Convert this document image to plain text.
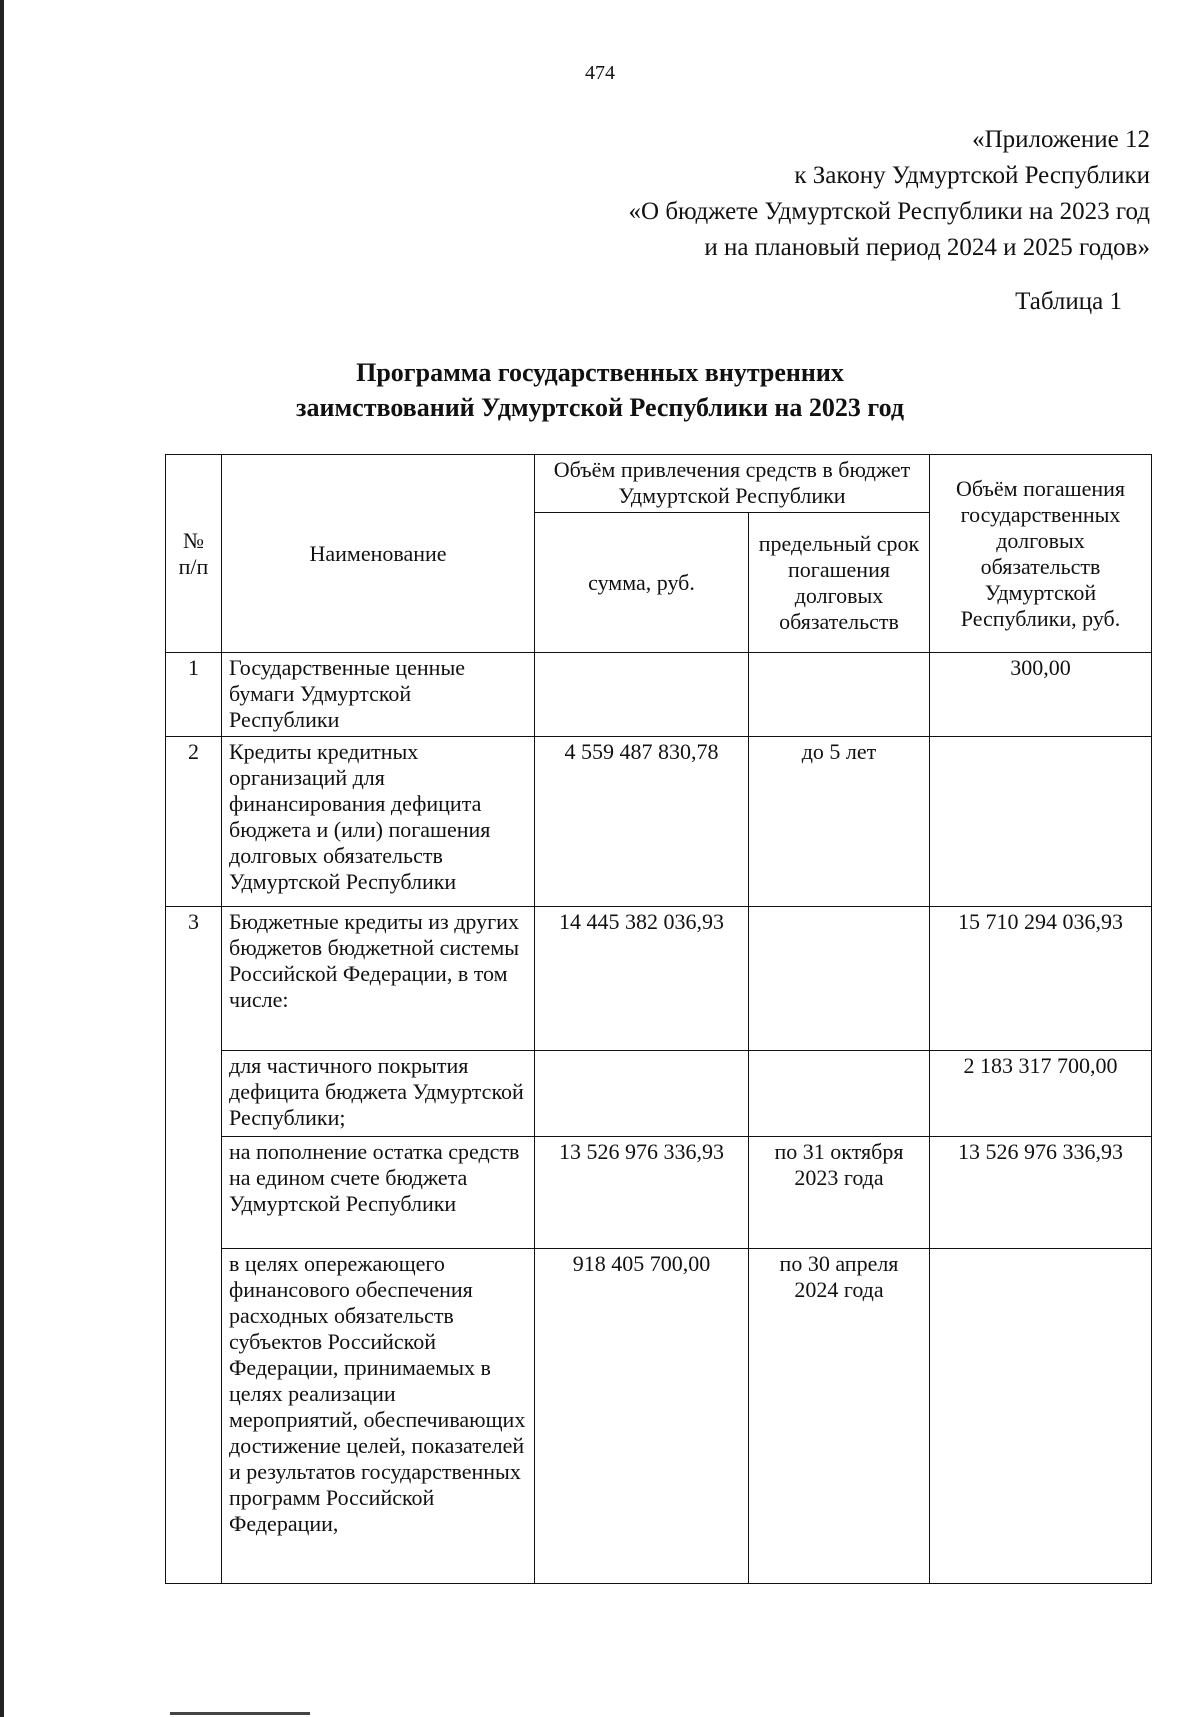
474
«Приложение 12
к Закону Удмуртской Республики
«О бюджете Удмуртской Республики на 2023 год
и на плановый период 2024 и 2025 годов»
Таблица 1
Программа государственных внутренних
заимствований Удмуртской Республики на 2023 год
№ п/п	Наименование	Объём привлечения средств в бюджет Удмуртской Республики		Объём погашения государственных долговых обязательств Удмуртской Республики, руб.
		сумма, руб.	предельный срок погашения долговых обязательств	
1	Государственные ценные бумаги Удмуртской Республики			300,00
2	Кредиты кредитных организаций для финансирования дефицита бюджета и (или) погашения долговых обязательств Удмуртской Республики	4 559 487 830,78	до 5 лет	
3	Бюджетные кредиты из других бюджетов бюджетной системы Российской Федерации, в том числе:	14 445 382 036,93		15 710 294 036,93
	для частичного покрытия дефицита бюджета Удмуртской Республики;			2 183 317 700,00
	на пополнение остатка средств на едином счете бюджета Удмуртской Республики	13 526 976 336,93	по 31 октября 2023 года	13 526 976 336,93
	в целях опережающего финансового обеспечения расходных обязательств субъектов Российской Федерации, принимаемых в целях реализации мероприятий, обеспечивающих достижение целей, показателей и результатов государственных программ Российской Федерации,	918 405 700,00	по 30 апреля 2024 года	
